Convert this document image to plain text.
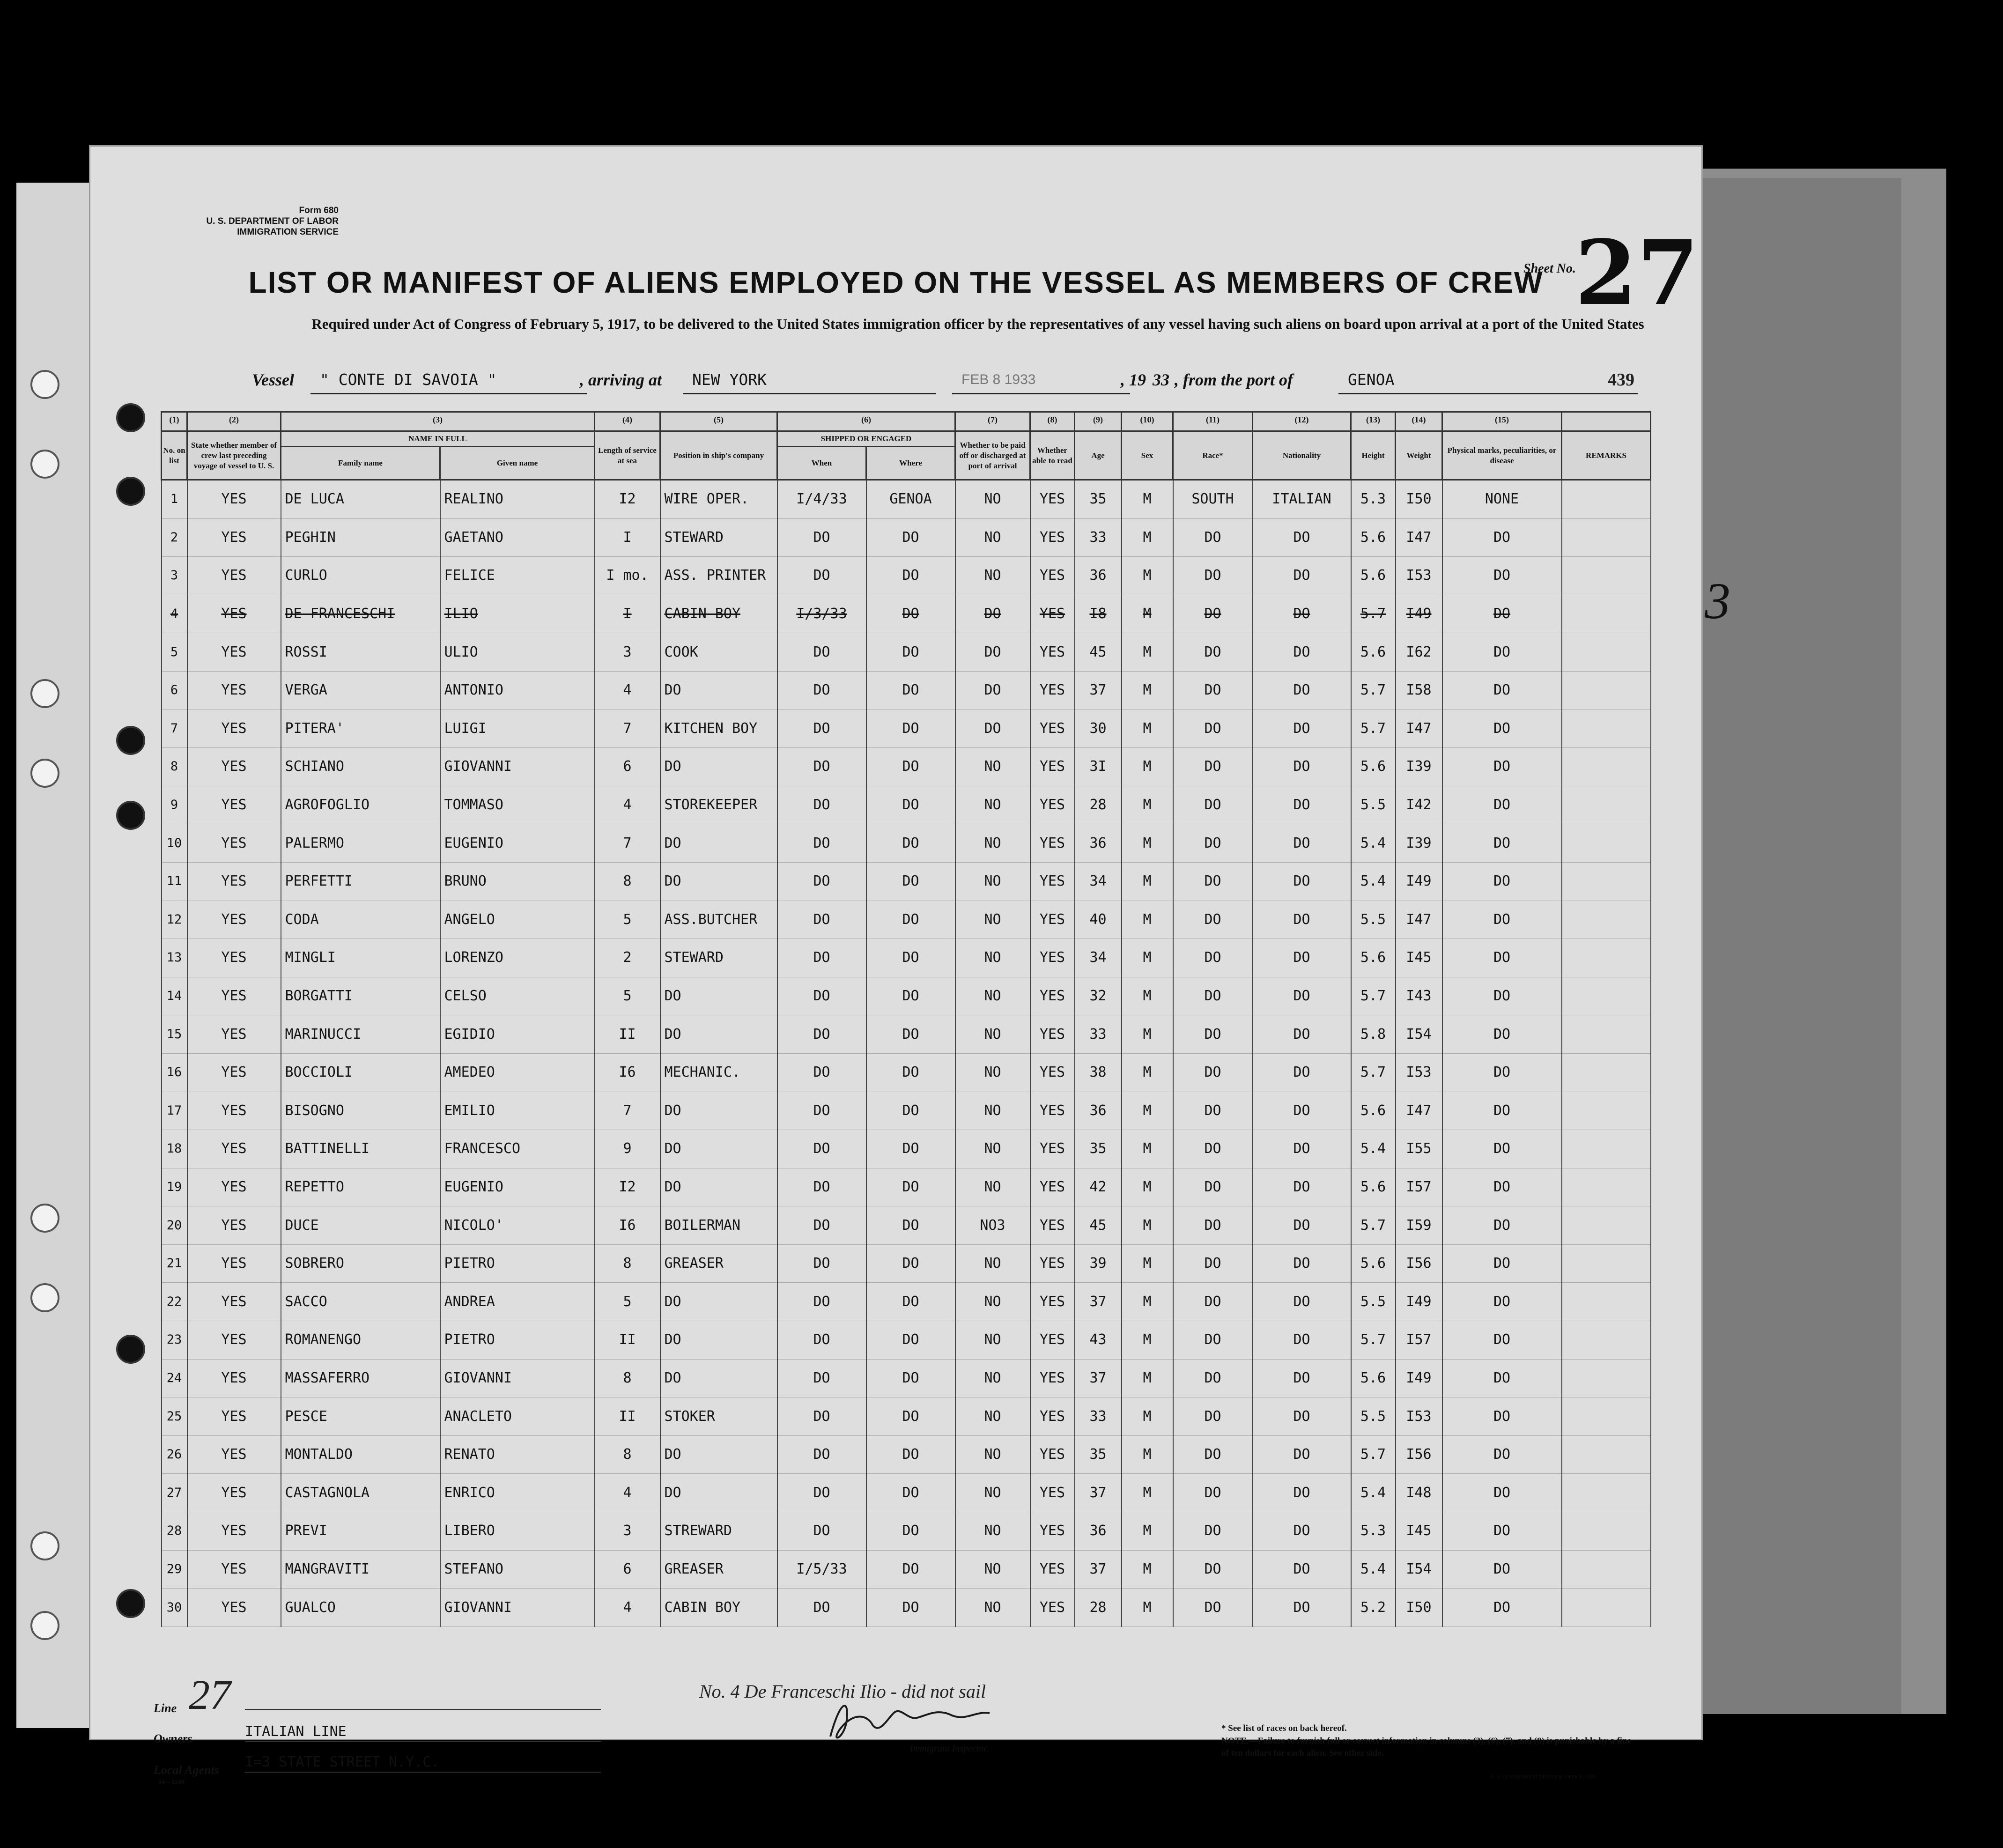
Form 680
U. S. DEPARTMENT OF LABOR
IMMIGRATION SERVICE
Sheet No.
27
LIST OR MANIFEST OF ALIENS EMPLOYED ON THE VESSEL AS MEMBERS OF CREW
Required under Act of Congress of February 5, 1917, to be delivered to the United States immigration officer by the representatives of any vessel having such aliens on board upon arrival at a port of the United States
Vessel	" CONTE DI SAVOIA "	, arriving at	NEW YORK	FEB 8 1933	, 19 33 , from the port of	GENOA	439
(1)	(2)	(3)		(4)	(5)	(6)		(7)	(8)	(9)	(10)	(11)	(12)	(13)	(14)	(15)	
No. on list	State whether member of crew last preceding voyage of vessel to U. S.	NAME IN FULL		Length of service at sea	Position in ship's company	SHIPPED OR ENGAGED		Whether to be paid off or discharged at port of arrival	Whether able to read	Age	Sex	Race*	Nationality	Height	Weight	Physical marks, peculiarities, or disease	REMARKS
		Family name	Given name			When	Where										
1	YES	DE LUCA	REALINO	I2	WIRE OPER.	I/4/33	GENOA	NO	YES	35	M	SOUTH	ITALIAN	5.3	I50	NONE	
2	YES	PEGHIN	GAETANO	I	STEWARD	DO	DO	NO	YES	33	M	DO	DO	5.6	I47	DO	
3	YES	CURLO	FELICE	I mo.	ASS. PRINTER	DO	DO	NO	YES	36	M	DO	DO	5.6	I53	DO	
4	YES	DE FRANCESCHI	ILIO	I	CABIN BOY	I/3/33	DO	DO	YES	I8	M	DO	DO	5.7	I49	DO	
5	YES	ROSSI	ULIO	3	COOK	DO	DO	DO	YES	45	M	DO	DO	5.6	I62	DO	
6	YES	VERGA	ANTONIO	4	DO	DO	DO	DO	YES	37	M	DO	DO	5.7	I58	DO	
7	YES	PITERA'	LUIGI	7	KITCHEN BOY	DO	DO	DO	YES	30	M	DO	DO	5.7	I47	DO	
8	YES	SCHIANO	GIOVANNI	6	DO	DO	DO	NO	YES	3I	M	DO	DO	5.6	I39	DO	
9	YES	AGROFOGLIO	TOMMASO	4	STOREKEEPER	DO	DO	NO	YES	28	M	DO	DO	5.5	I42	DO	
10	YES	PALERMO	EUGENIO	7	DO	DO	DO	NO	YES	36	M	DO	DO	5.4	I39	DO	
11	YES	PERFETTI	BRUNO	8	DO	DO	DO	NO	YES	34	M	DO	DO	5.4	I49	DO	
12	YES	CODA	ANGELO	5	ASS.BUTCHER	DO	DO	NO	YES	40	M	DO	DO	5.5	I47	DO	
13	YES	MINGLI	LORENZO	2	STEWARD	DO	DO	NO	YES	34	M	DO	DO	5.6	I45	DO	
14	YES	BORGATTI	CELSO	5	DO	DO	DO	NO	YES	32	M	DO	DO	5.7	I43	DO	
15	YES	MARINUCCI	EGIDIO	II	DO	DO	DO	NO	YES	33	M	DO	DO	5.8	I54	DO	
16	YES	BOCCIOLI	AMEDEO	I6	MECHANIC.	DO	DO	NO	YES	38	M	DO	DO	5.7	I53	DO	
17	YES	BISOGNO	EMILIO	7	DO	DO	DO	NO	YES	36	M	DO	DO	5.6	I47	DO	
18	YES	BATTINELLI	FRANCESCO	9	DO	DO	DO	NO	YES	35	M	DO	DO	5.4	I55	DO	
19	YES	REPETTO	EUGENIO	I2	DO	DO	DO	NO	YES	42	M	DO	DO	5.6	I57	DO	
20	YES	DUCE	NICOLO'	I6	BOILERMAN	DO	DO	NO3	YES	45	M	DO	DO	5.7	I59	DO	
21	YES	SOBRERO	PIETRO	8	GREASER	DO	DO	NO	YES	39	M	DO	DO	5.6	I56	DO	
22	YES	SACCO	ANDREA	5	DO	DO	DO	NO	YES	37	M	DO	DO	5.5	I49	DO	
23	YES	ROMANENGO	PIETRO	II	DO	DO	DO	NO	YES	43	M	DO	DO	5.7	I57	DO	
24	YES	MASSAFERRO	GIOVANNI	8	DO	DO	DO	NO	YES	37	M	DO	DO	5.6	I49	DO	
25	YES	PESCE	ANACLETO	II	STOKER	DO	DO	NO	YES	33	M	DO	DO	5.5	I53	DO	
26	YES	MONTALDO	RENATO	8	DO	DO	DO	NO	YES	35	M	DO	DO	5.7	I56	DO	
27	YES	CASTAGNOLA	ENRICO	4	DO	DO	DO	NO	YES	37	M	DO	DO	5.4	I48	DO	
28	YES	PREVI	LIBERO	3	STREWARD	DO	DO	NO	YES	36	M	DO	DO	5.3	I45	DO	
29	YES	MANGRAVITI	STEFANO	6	GREASER	I/5/33	DO	NO	YES	37	M	DO	DO	5.4	I54	DO	
30	YES	GUALCO	GIOVANNI	4	CABIN BOY	DO	DO	NO	YES	28	M	DO	DO	5.2	I50	DO	
No. 4 De Franceschi Ilio - did not sail
Line 27
Owners	ITALIAN LINE
Local Agents I=3 STATE STREET N.Y.C.
14—1240
* See list of races on back hereof.
NOTE.—Failure to furnish full or correct information in columns (3), (6), (7), and (8) is punishable by a fine of ten dollars for each alien. See other side.
U. S. GOVERNMENT PRINTING OFFICE: 1926
Immigrant Inspector.
3
